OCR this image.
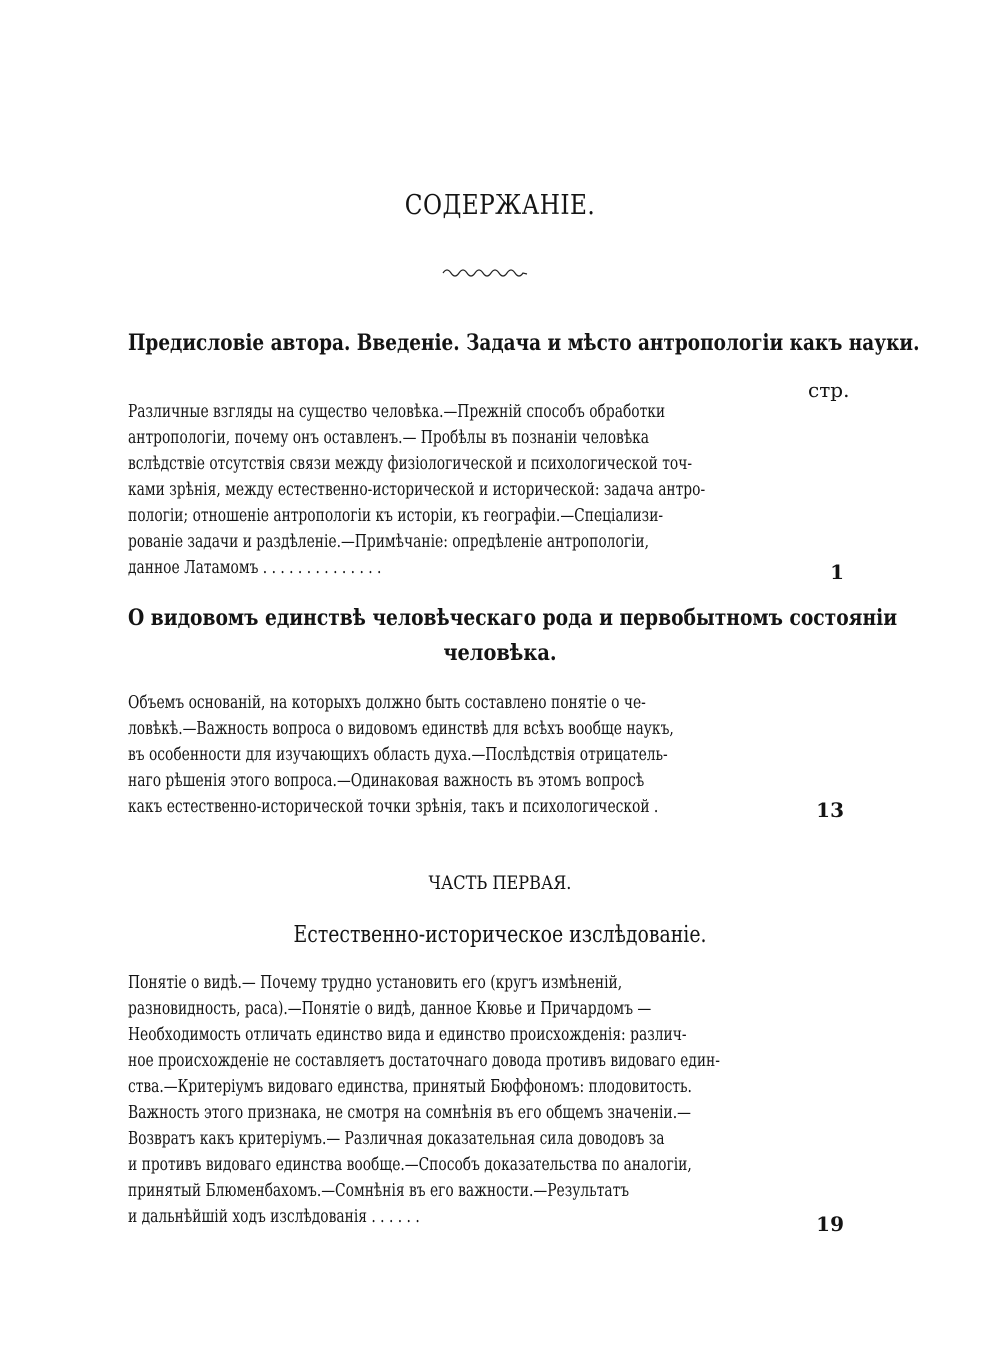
СОДЕРЖАНІЕ.
Предисловіе автора. Введеніе. Задача и мѣсто антропологіи какъ науки.
стр.
Различные взгляды на существо человѣка.—Прежній способъ обработки
антропологіи, почему онъ оставленъ.— Пробѣлы въ познаніи человѣка
вслѣдствіе отсутствія связи между физіологической и психологической точ-
ками зрѣнія, между естественно-исторической и исторической: задача антро-
пологіи; отношеніе антропологіи къ исторіи, къ географіи.—Спеціализи-
рованіе задачи и раздѣленіе.—Примѣчаніе: опредѣленіе антропологіи,
данное Латамомъ . . . . . . . . . . . . . .	1
О видовомъ единствѣ человѣческаго рода и первобытномъ состояніи
человѣка.
Объемъ основаній, на которыхъ должно быть составлено понятіе о че-
ловѣкѣ.—Важность вопроса о видовомъ единствѣ для всѣхъ вообще наукъ,
въ особенности для изучающихъ область духа.—Послѣдствія отрицатель-
наго рѣшенія этого вопроса.—Одинаковая важность въ этомъ вопросѣ
какъ естественно-исторической точки зрѣнія, такъ и психологической .	13
ЧАСТЬ ПЕРВАЯ.
Естественно-историческое изслѣдованіе.
Понятіе о видѣ.— Почему трудно установить его (кругъ измѣненій,
разновидность, раса).—Понятіе о видѣ, данное Кювье и Причардомъ —
Необходимость отличать единство вида и единство происхожденія: различ-
ное происхожденіе не составляетъ достаточнаго довода противъ видоваго един-
ства.—Критеріумъ видоваго единства, принятый Бюффономъ: плодовитость.
Важность этого признака, не смотря на сомнѣнія въ его общемъ значеніи.—
Возвратъ какъ критеріумъ.— Различная доказательная сила доводовъ за
и противъ видоваго единства вообще.—Способъ доказательства по аналогіи,
принятый Блюменбахомъ.—Сомнѣнія въ его важности.—Результатъ
и дальнѣйшій ходъ изслѣдованія . . . . . .	19
